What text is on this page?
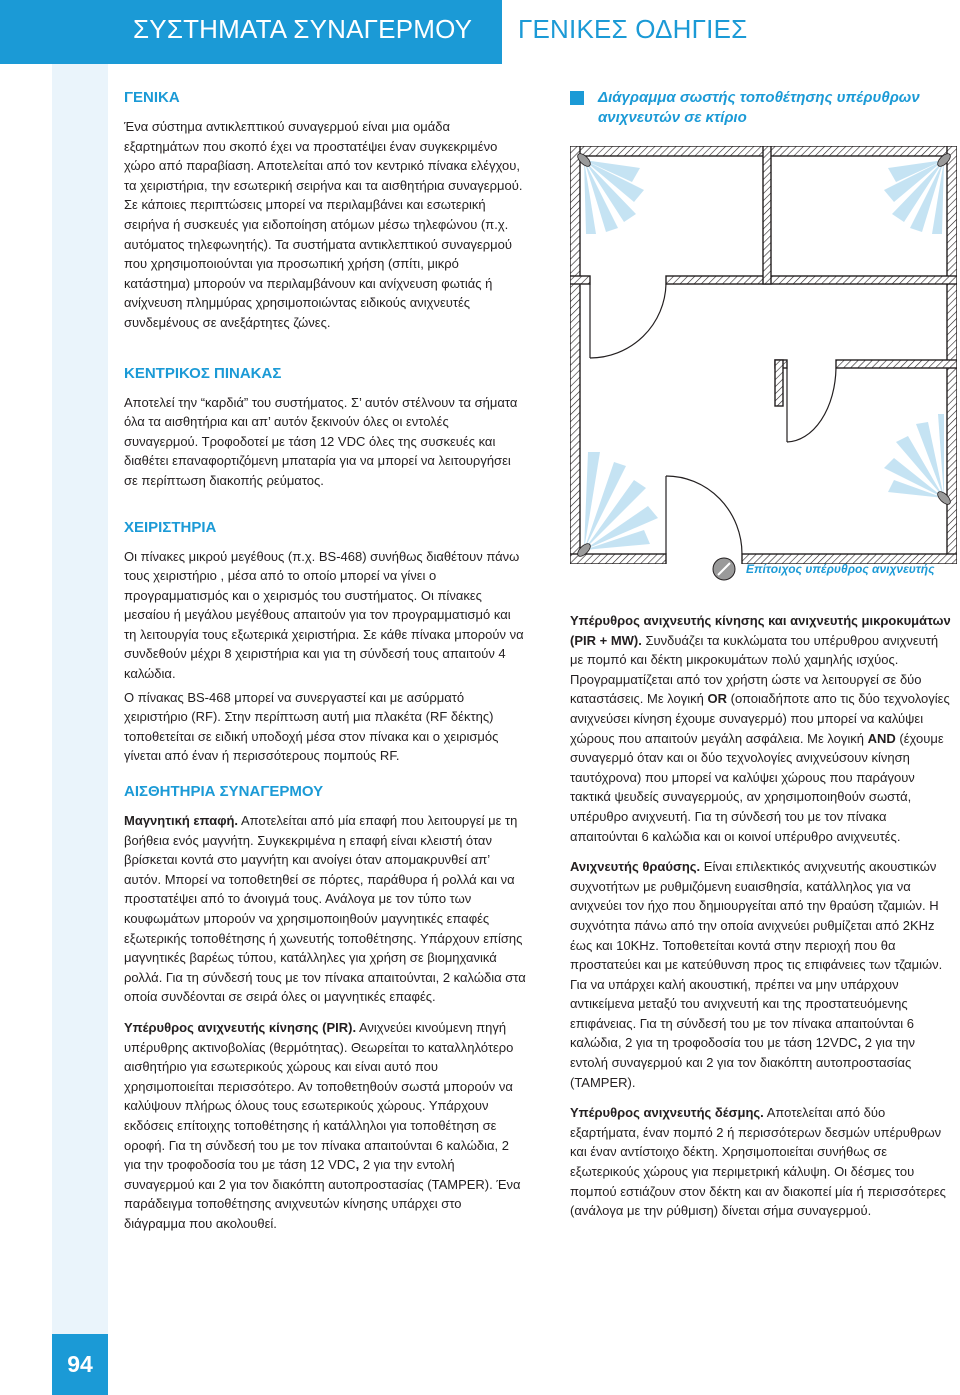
ΣΥΣΤΗΜΑΤΑ ΣΥΝΑΓΕΡΜΟΥ ΓΕΝΙΚΕΣ ΟΔΗΓΙΕΣ
94
ΓΕΝΙΚΑ

Ένα σύστημα αντικλεπτικού συναγερμού είναι μια ομάδα εξαρτημάτων που σκοπό έχει να προστατέψει έναν συγκεκριμένο χώρο από παραβίαση. Αποτελείται από τον κεντρικό πίνακα ελέγχου, τα χειριστήρια, την εσωτερική σειρήνα και τα αισθητήρια συναγερμού. Σε κάποιες περιπτώσεις μπορεί να περιλαμβάνει και εσωτερική σειρήνα ή συσκευές για ειδοποίηση ατόμων μέσω τηλεφώνου (π.χ. αυτόματος τηλεφωνητής). Τα συστήματα αντικλεπτικού συναγερμού που χρησιμοποιούνται για προσωπική χρήση (σπίτι, μικρό κατάστημα) μπορούν να περιλαμβάνουν και ανίχνευση φωτιάς ή ανίχνευση πλημμύρας χρησιμοποιώντας ειδικούς ανιχνευτές συνδεμένους σε ανεξάρτητες ζώνες.

ΚΕΝΤΡΙΚΟΣ ΠΙΝΑΚΑΣ

Αποτελεί την “καρδιά” του συστήματος. Σ’ αυτόν στέλνουν τα σήματα όλα τα αισθητήρια και απ’ αυτόν ξεκινούν όλες οι εντολές συναγερμού. Τροφοδοτεί με τάση 12 VDC όλες της συσκευές και διαθέτει επαναφορτιζόμενη μπαταρία για να μπορεί να λειτουργήσει σε περίπτωση διακοπής ρεύματος.

ΧΕΙΡΙΣΤΗΡΙΑ

Οι πίνακες μικρού μεγέθους (π.χ. BS-468) συνήθως διαθέτουν πάνω τους χειριστήριο , μέσα από το οποίο μπορεί να γίνει ο προγραμματισμός και ο χειρισμός του συστήματος. Οι πίνακες μεσαίου ή μεγάλου μεγέθους απαιτούν για τον προγραμματισμό και τη λειτουργία τους εξωτερικά χειριστήρια. Σε κάθε πίνακα μπορούν να συνδεθούν μέχρι 8 χειριστήρια και για τη σύνδεσή τους απαιτούν 4 καλώδια.

Ο πίνακας BS-468 μπορεί να συνεργαστεί και με ασύρματό χειριστήριο (RF). Στην περίπτωση αυτή μια πλακέτα (RF δέκτης) τοποθετείται σε ειδική υποδοχή μέσα στον πίνακα και ο χειρισμός γίνεται από έναν ή περισσότερους πομπούς RF.

ΑΙΣΘΗΤΗΡΙΑ ΣΥΝΑΓΕΡΜΟΥ

Μαγνητική επαφή. Αποτελείται από μία επαφή που λειτουργεί με τη βοήθεια ενός μαγνήτη. Συγκεκριμένα η επαφή είναι κλειστή όταν βρίσκεται κοντά στο μαγνήτη και ανοίγει όταν απομακρυνθεί απ’ αυτόν. Μπορεί να τοποθετηθεί σε πόρτες, παράθυρα ή ρολλά και να προστατέψει από το άνοιγμά τους. Ανάλογα με τον τύπο των κουφωμάτων μπορούν να χρησιμοποιηθούν μαγνητικές επαφές εξωτερικής τοποθέτησης ή χωνευτής τοποθέτησης. Υπάρχουν επίσης μαγνητικές βαρέως τύπου, κατάλληλες για χρήση σε βιομηχανικά ρολλά. Για τη σύνδεσή τους με τον πίνακα απαιτούνται, 2 καλώδια στα οποία συνδέονται σε σειρά όλες οι μαγνητικές επαφές.

Υπέρυθρος ανιχνευτής κίνησης (PIR). Ανιχνεύει κινούμενη πηγή υπέρυθρης ακτινοβολίας (θερμότητας). Θεωρείται το καταλληλότερο αισθητήριο για εσωτερικούς χώρους και είναι αυτό που χρησιμοποιείται περισσότερο. Αν τοποθετηθούν σωστά μπορούν να καλύψουν πλήρως όλους τους εσωτερικούς χώρους. Υπάρχουν εκδόσεις επίτοιχης τοποθέτησης ή κατάλληλοι για τοποθέτηση σε οροφή. Για τη σύνδεσή του με τον πίνακα απαιτούνται 6 καλώδια, 2 για την τροφοδοσία του με τάση 12 VDC, 2 για την εντολή συναγερμού και 2 για τον διακόπτη αυτοπροστασίας (TAMPER). Ένα παράδειγμα τοποθέτησης ανιχνευτών κίνησης υπάρχει στο διάγραμμα που ακολουθεί.

Διάγραμμα σωστής τοποθέτησης υπέρυθρων ανιχνευτών σε κτίριο
Επίτοιχος υπέρυθρος ανιχνευτής

Υπέρυθρος ανιχνευτής κίνησης και ανιχνευτής μικροκυμάτων (PIR + MW). Συνδυάζει τα κυκλώματα του υπέρυθρου ανιχνευτή με πομπό και δέκτη μικροκυμάτων πολύ χαμηλής ισχύος. Προγραμματίζεται από τον χρήστη ώστε να λειτουργεί σε δύο καταστάσεις. Με λογική OR (οποιαδήποτε απο τις δύο τεχνολογίες ανιχνεύσει κίνηση έχουμε συναγερμό) που μπορεί να καλύψει χώρους που απαιτούν μεγάλη ασφάλεια. Με λογική AND (έχουμε συναγερμό όταν και οι δύο τεχνολογίες ανιχνεύσουν κίνηση ταυτόχρονα) που μπορεί να καλύψει χώρους που παράγουν τακτικά ψευδείς συναγερμούς, αν χρησιμοποιηθούν σωστά, υπέρυθρο ανιχνευτή. Για τη σύνδεσή του με τον πίνακα απαιτούνται 6 καλώδια και οι κοινοί υπέρυθρο ανιχνευτές.

Ανιχνευτής θραύσης. Είναι επιλεκτικός ανιχνευτής ακουστικών συχνοτήτων με ρυθμιζόμενη ευαισθησία, κατάλληλος για να ανιχνεύει τον ήχο που δημιουργείται από την θραύση τζαμιών. Η συχνότητα πάνω από την οποία ανιχνεύει ρυθμίζεται από 2KHz έως και 10KHz. Τοποθετείται κοντά στην περιοχή που θα προστατεύει και με κατεύθυνση προς τις επιφάνειες των τζαμιών. Για να υπάρχει καλή ακουστική, πρέπει να μην υπάρχουν αντικείμενα μεταξύ του ανιχνευτή και της προστατευόμενης επιφάνειας. Για τη σύνδεσή του με τον πίνακα απαιτούνται 6 καλώδια, 2 για τη τροφοδοσία του με τάση 12VDC, 2 για την εντολή συναγερμού και 2 για τον διακόπτη αυτοπροστασίας (TAMPER).

Υπέρυθρος ανιχνευτής δέσμης. Αποτελείται από δύο εξαρτήματα, έναν πομπό 2 ή περισσότερων δεσμών υπέρυθρων και έναν αντίστοιχο δέκτη. Χρησιμοποιείται συνήθως σε εξωτερικούς χώρους για περιμετρική κάλυψη. Οι δέσμες του πομπού εστιάζουν στον δέκτη και αν διακοπεί μία ή περισσότερες (ανάλογα με την ρύθμιση) δίνεται σήμα συναγερμού.
